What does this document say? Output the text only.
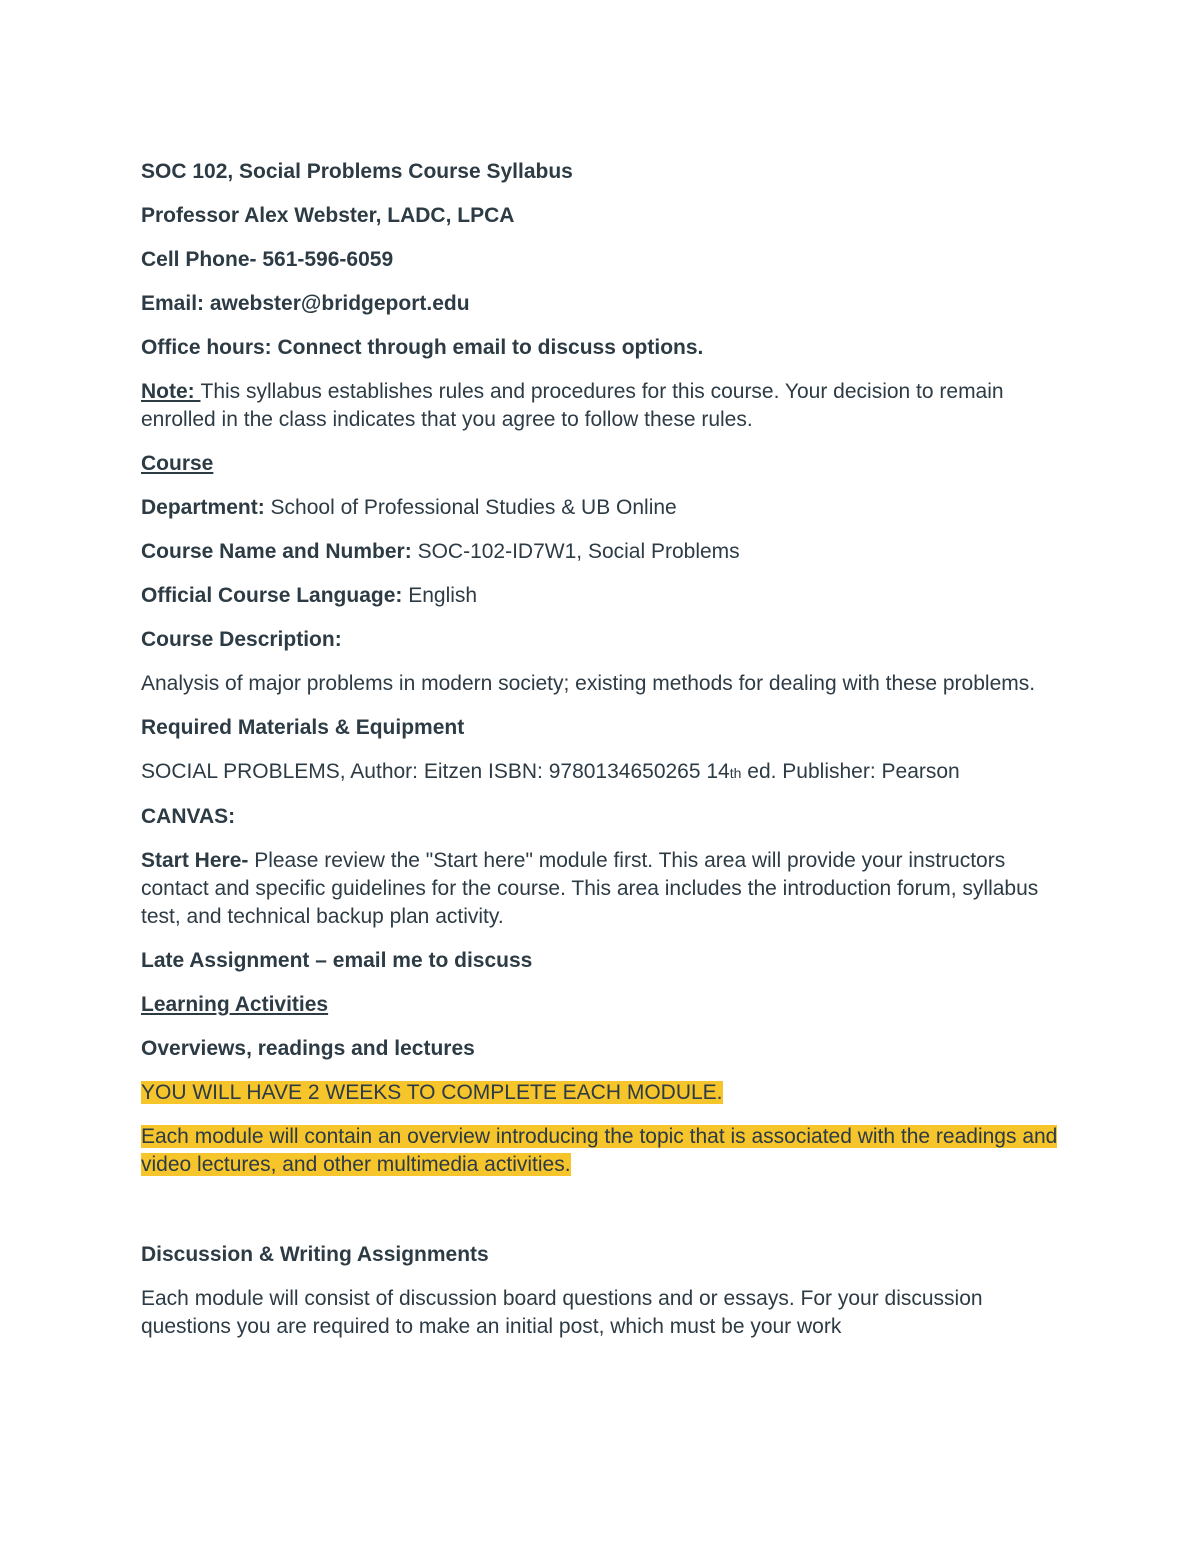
SOC 102, Social Problems Course Syllabus

Professor Alex Webster, LADC, LPCA

Cell Phone- 561-596-6059

Email: awebster@bridgeport.edu

Office hours: Connect through email to discuss options.

Note: This syllabus establishes rules and procedures for this course. Your decision to remain enrolled in the class indicates that you agree to follow these rules.

Course

Department: School of Professional Studies & UB Online

Course Name and Number: SOC-102-ID7W1, Social Problems

Official Course Language: English

Course Description:

Analysis of major problems in modern society; existing methods for dealing with these problems.

Required Materials & Equipment

SOCIAL PROBLEMS, Author: Eitzen ISBN: 9780134650265 14th ed. Publisher: Pearson

CANVAS:

Start Here- Please review the "Start here" module first. This area will provide your instructors contact and specific guidelines for the course. This area includes the introduction forum, syllabus test, and technical backup plan activity.

Late Assignment – email me to discuss

Learning Activities

Overviews, readings and lectures

YOU WILL HAVE 2 WEEKS TO COMPLETE EACH MODULE.

Each module will contain an overview introducing the topic that is associated with the readings and video lectures, and other multimedia activities.

Discussion & Writing Assignments

Each module will consist of discussion board questions and or essays. For your discussion questions you are required to make an initial post, which must be your work
